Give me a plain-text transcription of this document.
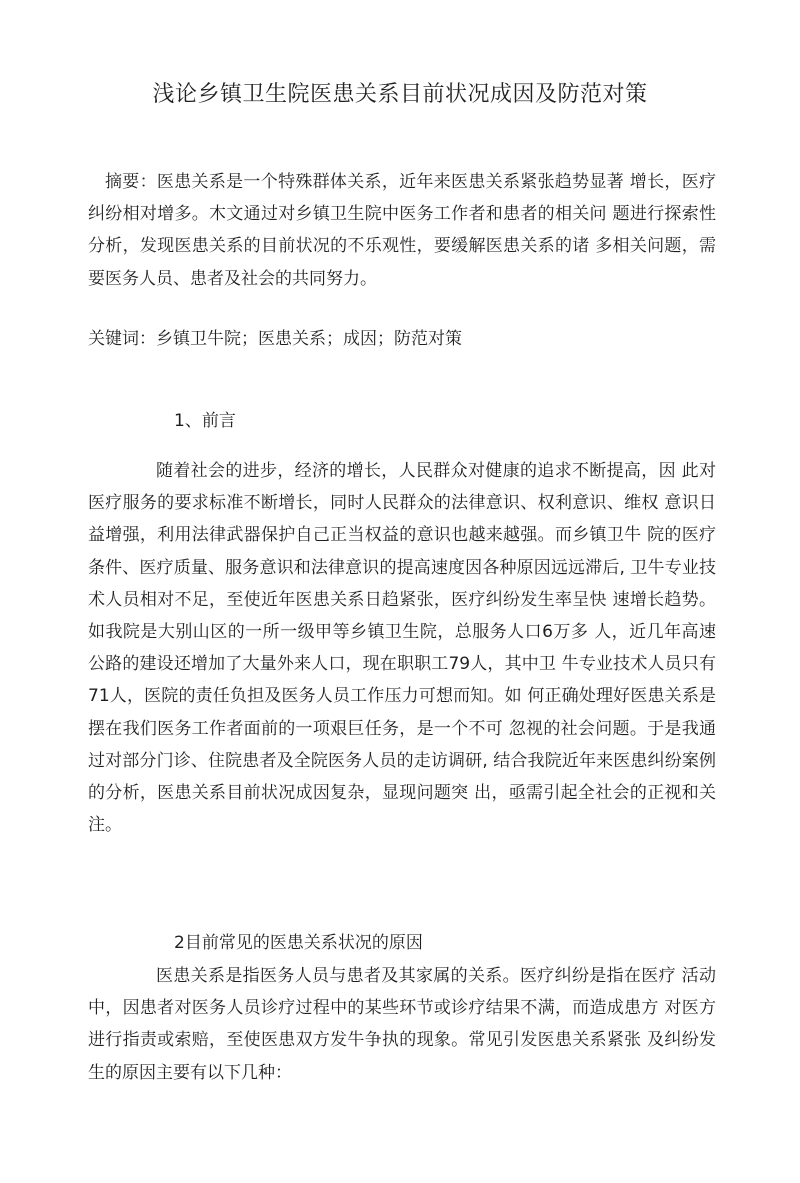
浅论乡镇卫生院医患关系目前状况成因及防范对策

摘要：医患关系是一个特殊群体关系，近年来医患关系紧张趋势显著 增长，医疗纠纷相对增多。木文通过对乡镇卫生院中医务工作者和患者的相关问 题进行探索性分析，发现医患关系的目前状况的不乐观性，要缓解医患关系的诸 多相关问题，需要医务人员、患者及社会的共同努力。

关键词：乡镇卫牛院；医患关系；成因；防范对策

1、前言

随着社会的进步，经济的增长，人民群众对健康的追求不断提高，因 此对医疗服务的要求标准不断增长，同时人民群众的法律意识、权利意识、维权 意识日益增强，利用法律武器保护自己正当权益的意识也越来越强。而乡镇卫牛 院的医疗条件、医疗质量、服务意识和法律意识的提高速度因各种原因远远滞后, 卫牛专业技术人员相对不足，至使近年医患关系日趋紧张，医疗纠纷发生率呈快 速增长趋势。如我院是大别山区的一所一级甲等乡镇卫生院，总服务人口6万多 人，近几年高速公路的建设还增加了大量外来人口，现在职职工79人，其中卫 牛专业技术人员只有71人，医院的责任负担及医务人员工作压力可想而知。如 何正确处理好医患关系是摆在我们医务工作者面前的一项艰巨任务，是一个不可 忽视的社会问题。于是我通过对部分门诊、住院患者及全院医务人员的走访调研, 结合我院近年来医患纠纷案例的分析，医患关系目前状况成因复杂，显现问题突 出，亟需引起全社会的正视和关注。

2目前常见的医患关系状况的原因

医患关系是指医务人员与患者及其家属的关系。医疗纠纷是指在医疗 活动中，因患者对医务人员诊疗过程中的某些环节或诊疗结果不满，而造成患方 对医方进行指责或索赔，至使医患双方发牛争执的现象。常见引发医患关系紧张 及纠纷发生的原因主要有以下几种：
